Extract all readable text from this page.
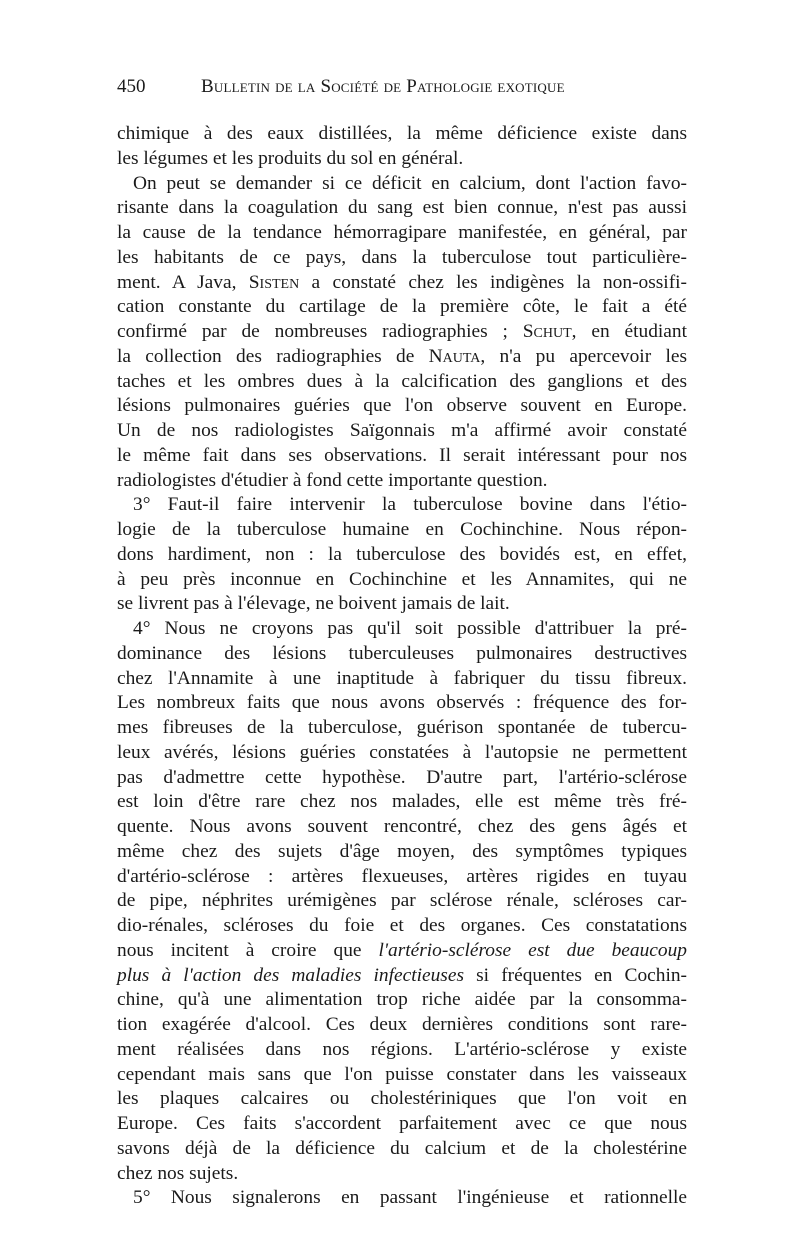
450	Bulletin de la Société de Pathologie exotique
chimique à des eaux distillées, la même déficience existe dans
les légumes et les produits du sol en général.
On peut se demander si ce déficit en calcium, dont l'action favo-
risante dans la coagulation du sang est bien connue, n'est pas aussi
la cause de la tendance hémorragipare manifestée, en général, par
les habitants de ce pays, dans la tuberculose tout particulière-
ment. A Java, Sisten a constaté chez les indigènes la non-ossifi-
cation constante du cartilage de la première côte, le fait a été
confirmé par de nombreuses radiographies ; Schut, en étudiant
la collection des radiographies de Nauta, n'a pu apercevoir les
taches et les ombres dues à la calcification des ganglions et des
lésions pulmonaires guéries que l'on observe souvent en Europe.
Un de nos radiologistes Saïgonnais m'a affirmé avoir constaté
le même fait dans ses observations. Il serait intéressant pour nos
radiologistes d'étudier à fond cette importante question.
3° Faut-il faire intervenir la tuberculose bovine dans l'étio-
logie de la tuberculose humaine en Cochinchine. Nous répon-
dons hardiment, non : la tuberculose des bovidés est, en effet,
à peu près inconnue en Cochinchine et les Annamites, qui ne
se livrent pas à l'élevage, ne boivent jamais de lait.
4° Nous ne croyons pas qu'il soit possible d'attribuer la pré-
dominance des lésions tuberculeuses pulmonaires destructives
chez l'Annamite à une inaptitude à fabriquer du tissu fibreux.
Les nombreux faits que nous avons observés : fréquence des for-
mes fibreuses de la tuberculose, guérison spontanée de tubercu-
leux avérés, lésions guéries constatées à l'autopsie ne permettent
pas d'admettre cette hypothèse. D'autre part, l'artério-sclérose
est loin d'être rare chez nos malades, elle est même très fré-
quente. Nous avons souvent rencontré, chez des gens âgés et
même chez des sujets d'âge moyen, des symptômes typiques
d'artério-sclérose : artères flexueuses, artères rigides en tuyau
de pipe, néphrites urémigènes par sclérose rénale, scléroses car-
dio-rénales, scléroses du foie et des organes. Ces constatations
nous incitent à croire que l'artério-sclérose est due beaucoup
plus à l'action des maladies infectieuses si fréquentes en Cochin-
chine, qu'à une alimentation trop riche aidée par la consomma-
tion exagérée d'alcool. Ces deux dernières conditions sont rare-
ment réalisées dans nos régions. L'artério-sclérose y existe
cependant mais sans que l'on puisse constater dans les vaisseaux
les plaques calcaires ou cholestériniques que l'on voit en
Europe. Ces faits s'accordent parfaitement avec ce que nous
savons déjà de la déficience du calcium et de la cholestérine
chez nos sujets.
5° Nous signalerons en passant l'ingénieuse et rationnelle
